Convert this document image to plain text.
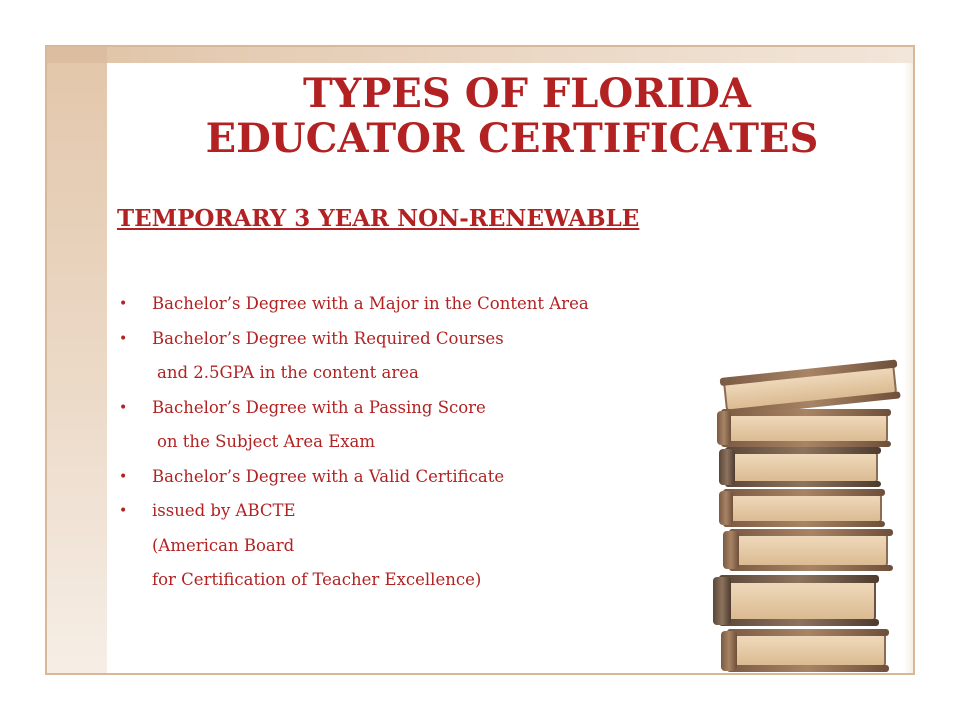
TYPES OF FLORIDA
EDUCATOR CERTIFICATES
TEMPORARY 3 YEAR NON-RENEWABLE
• Bachelor’s Degree with a Major in the Content Area
• Bachelor’s Degree with Required Courses
and 2.5GPA in the content area
• Bachelor’s Degree with a Passing Score
on the Subject Area Exam
• Bachelor’s Degree with a Valid Certificate
• issued by ABCTE
(American Board
for Certification of Teacher Excellence)
